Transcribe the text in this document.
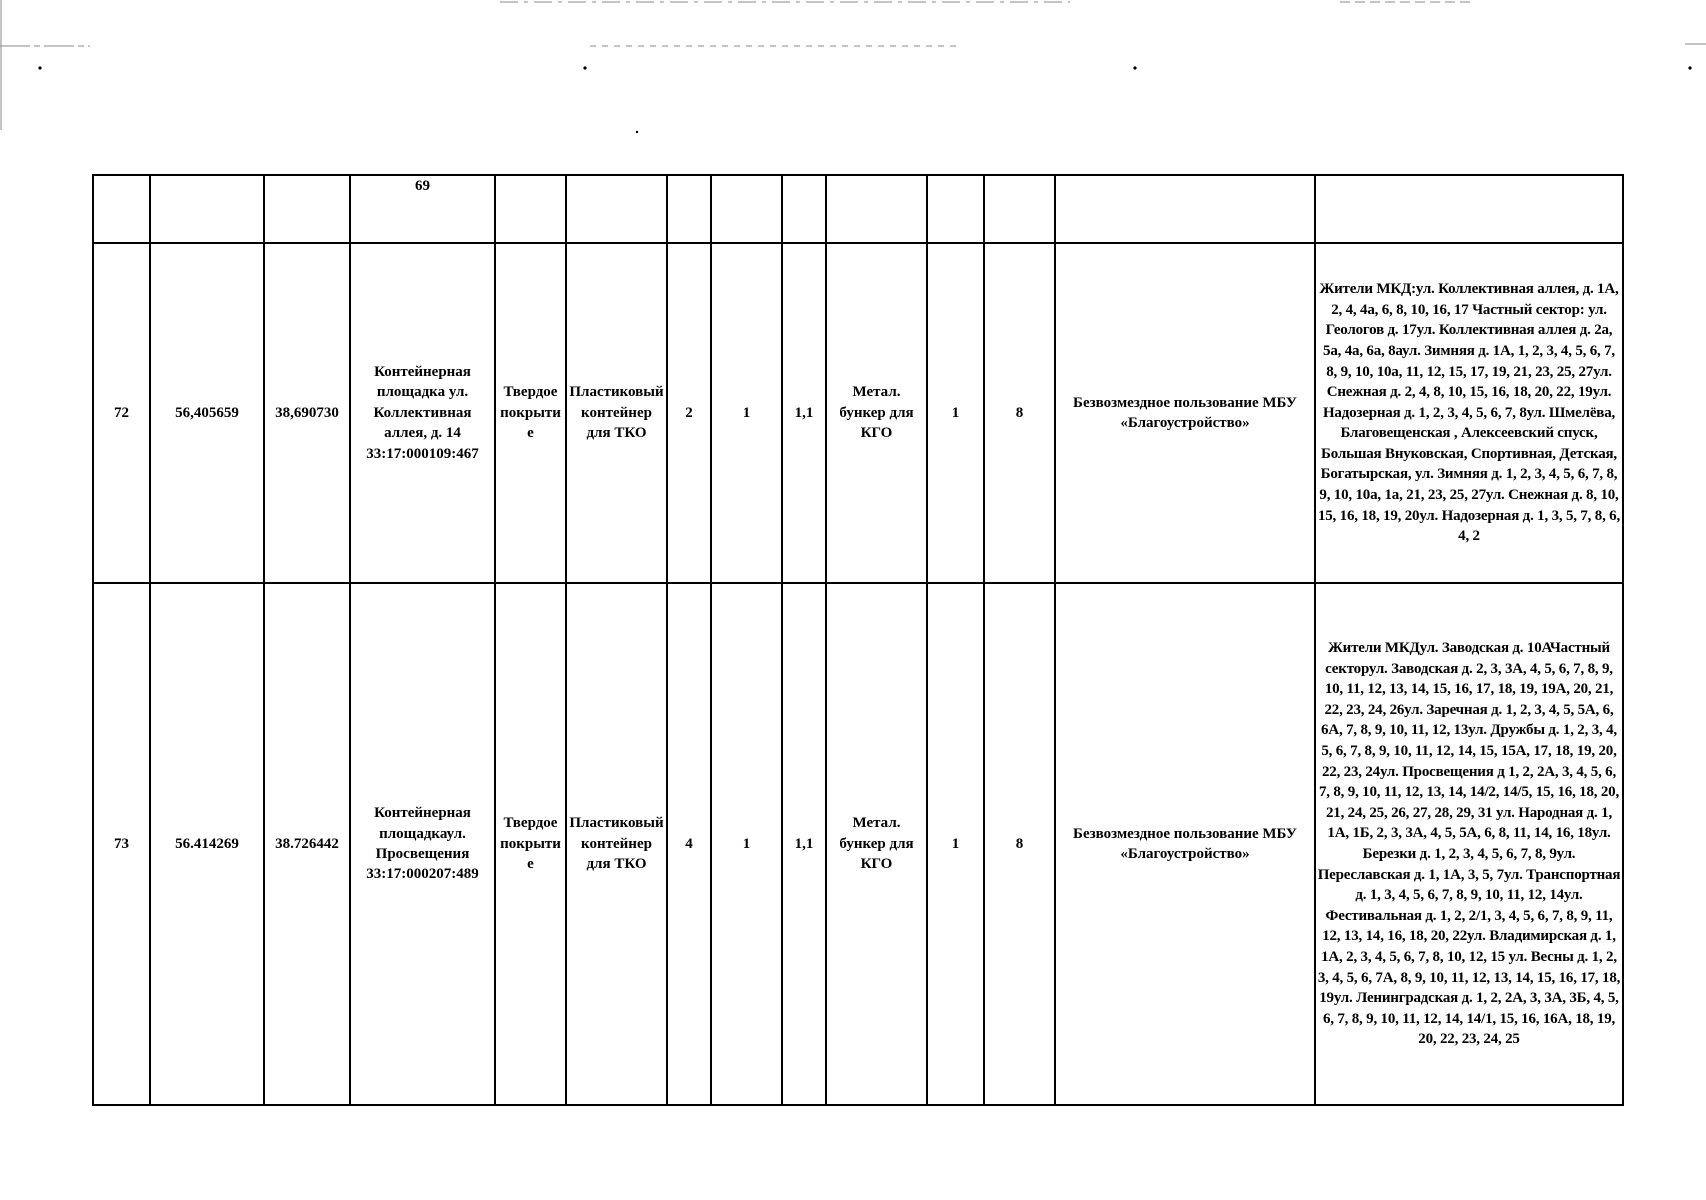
			69										
72	56,405659	38,690730	Контейнерная площадка ул. Коллективная аллея, д. 14 33:17:000109:467	Твердое покрытие	Пластиковый контейнер для ТКО	2	1	1,1	Метал. бункер для КГО	1	8	Безвозмездное пользование МБУ «Благоустройство»	Жители МКД:ул. Коллективная аллея, д. 1А, 2, 4, 4а, 6, 8, 10, 16, 17 Частный сектор: ул. Геологов д. 17ул. Коллективная аллея д. 2а, 5а, 4а, 6а, 8аул. Зимняя д. 1А, 1, 2, 3, 4, 5, 6, 7, 8, 9, 10, 10а, 11, 12, 15, 17, 19, 21, 23, 25, 27ул. Снежная д. 2, 4, 8, 10, 15, 16, 18, 20, 22, 19ул. Надозерная д. 1, 2, 3, 4, 5, 6, 7, 8ул. Шмелёва, Благовещенская , Алексеевский спуск, Большая Внуковская, Спортивная, Детская, Богатырская, ул. Зимняя д. 1, 2, 3, 4, 5, 6, 7, 8, 9, 10, 10а, 1а, 21, 23, 25, 27ул. Снежная д. 8, 10, 15, 16, 18, 19, 20ул. Надозерная д. 1, 3, 5, 7, 8, 6, 4, 2
73	56.414269	38.726442	Контейнерная площадкаул. Просвещения 33:17:000207:489	Твердое покрытие	Пластиковыйконтейнер для ТКО	4	1	1,1	Метал. бункер для КГО	1	8	Безвозмездное пользование МБУ «Благоустройство»	Жители МКДул. Заводская д. 10АЧастный секторул. Заводская д. 2, 3, 3А, 4, 5, 6, 7, 8, 9, 10, 11, 12, 13, 14, 15, 16, 17, 18, 19, 19А, 20, 21, 22, 23, 24, 26ул. Заречная д. 1, 2, 3, 4, 5, 5А, 6, 6А, 7, 8, 9, 10, 11, 12, 13ул. Дружбы д. 1, 2, 3, 4, 5, 6, 7, 8, 9, 10, 11, 12, 14, 15, 15А, 17, 18, 19, 20, 22, 23, 24ул. Просвещения д 1, 2, 2А, 3, 4, 5, 6, 7, 8, 9, 10, 11, 12, 13, 14, 14/2, 14/5, 15, 16, 18, 20, 21, 24, 25, 26, 27, 28, 29, 31 ул. Народная д. 1, 1А, 1Б, 2, 3, 3А, 4, 5, 5А, 6, 8, 11, 14, 16, 18ул. Березки д. 1, 2, 3, 4, 5, 6, 7, 8, 9ул. Переславская д. 1, 1А, 3, 5, 7ул. Транспортная д. 1, 3, 4, 5, 6, 7, 8, 9, 10, 11, 12, 14ул. Фестивальная д. 1, 2, 2/1, 3, 4, 5, 6, 7, 8, 9, 11, 12, 13, 14, 16, 18, 20, 22ул. Владимирская д. 1, 1А, 2, 3, 4, 5, 6, 7, 8, 10, 12, 15 ул. Весны д. 1, 2, 3, 4, 5, 6, 7А, 8, 9, 10, 11, 12, 13, 14, 15, 16, 17, 18, 19ул. Ленинградская д. 1, 2, 2А, 3, 3А, 3Б, 4, 5, 6, 7, 8, 9, 10, 11, 12, 14, 14/1, 15, 16, 16А, 18, 19, 20, 22, 23, 24, 25
